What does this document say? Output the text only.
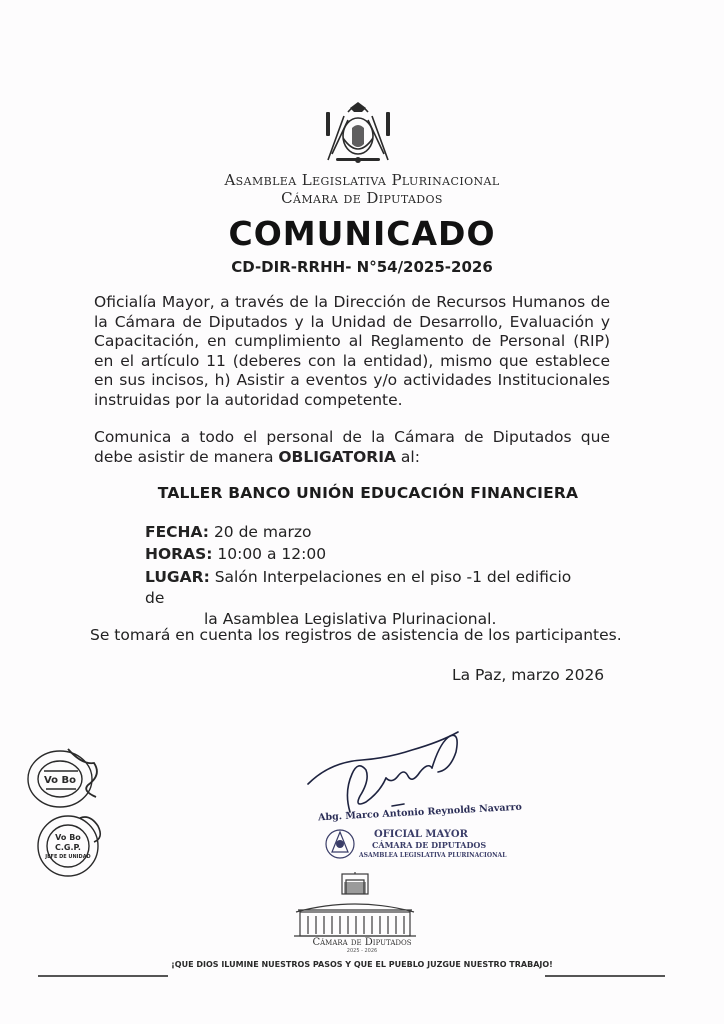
Asamblea Legislativa Plurinacional
Cámara de Diputados
COMUNICADO
CD-DIR-RRHH- N°54/2025-2026
Oficialía Mayor, a través de la Dirección de Recursos Humanos de la Cámara de Diputados y la Unidad de Desarrollo, Evaluación y Capacitación, en cumplimiento al Reglamento de Personal (RIP) en el artículo 11 (deberes con la entidad), mismo que establece en sus incisos, h) Asistir a eventos y/o actividades Institucionales instruidas por la autoridad competente.
Comunica a todo el personal de la Cámara de Diputados que debe asistir de manera OBLIGATORIA al:
TALLER BANCO UNIÓN EDUCACIÓN FINANCIERA
FECHA: 20 de marzo
HORAS: 10:00 a 12:00
LUGAR: Salón Interpelaciones en el piso -1 del edificio de
la Asamblea Legislativa Plurinacional.
Se tomará en cuenta los registros de asistencia de los participantes.
La Paz, marzo 2026
Abg. Marco Antonio Reynolds Navarro
OFICIAL MAYOR
CÁMARA DE DIPUTADOS
ASAMBLEA LEGISLATIVA PLURINACIONAL
Vo Bo
Vo Bo
C.G.P.
JEFE DE UNIDAD
Cámara de Diputados
2025 - 2026
¡QUE DIOS ILUMINE NUESTROS PASOS Y QUE EL PUEBLO JUZGUE NUESTRO TRABAJO!
